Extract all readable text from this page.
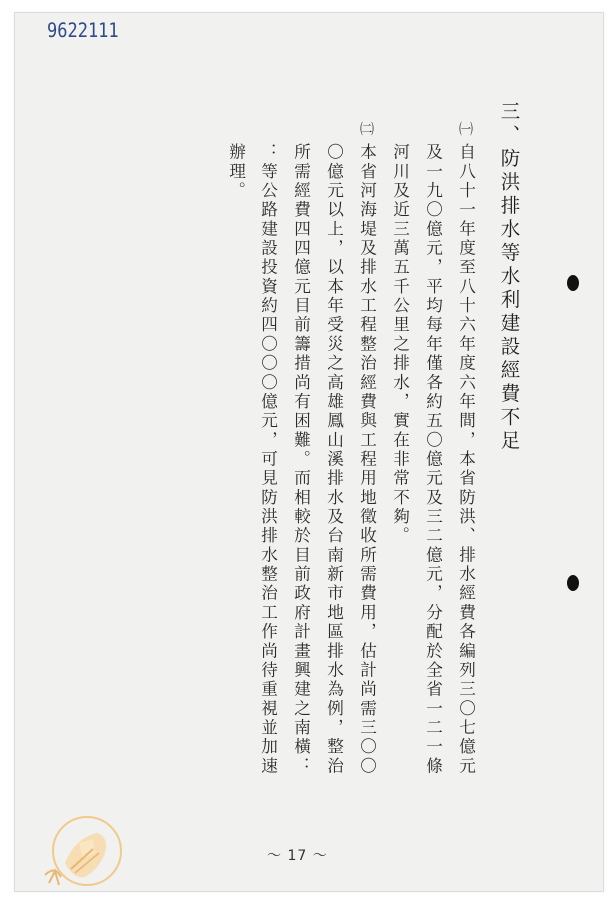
9622111
三、防洪排水等水利建設經費不足
㈠
㈡
自八十一年度至八十六年度六年間，本省防洪、排水經費各編列三〇七億元
及一九〇億元，平均每年僅各約五〇億元及三二億元，分配於全省一二一條
河川及近三萬五千公里之排水，實在非常不夠。
本省河海堤及排水工程整治經費與工程用地徵收所需費用，估計尚需三〇〇
〇億元以上，以本年受災之高雄鳳山溪排水及台南新市地區排水為例，整治
所需經費四四億元目前籌措尚有困難。而相較於目前政府計畫興建之南橫：
：等公路建設投資約四〇〇〇億元，可見防洪排水整治工作尚待重視並加速
辦理。
～ 17 ～
